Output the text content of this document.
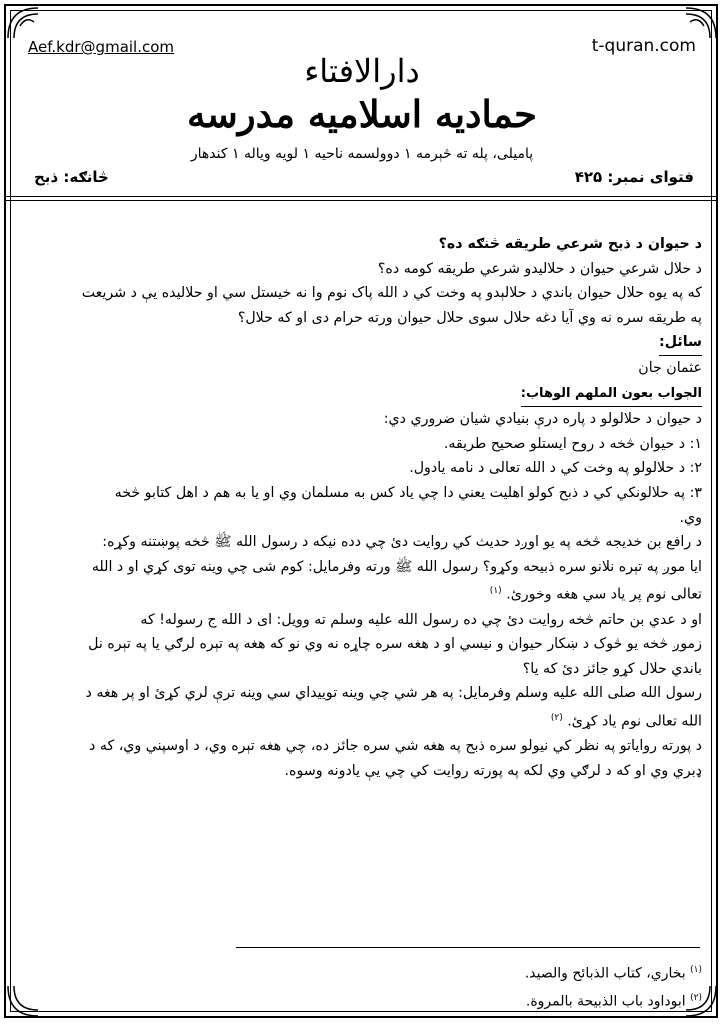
Aef.kdr@gmail.com	t-quran.com
دارالافتاء
حمادیه اسلامیه مدرسه
پامیلی، پله ته څېرمه ۱ دوولسمه ناحیه ۱ لویه ویاله ۱ کندهار
فتوای نمبر: ۴۲۵
څانګه: ذبح

د حیوان د ذبح شرعي طریقه څنګه ده؟

د حلال شرعي حیوان د حلالیدو شرعي طریقه کومه ده؟

که په یوه حلال حیوان باندي د حلالېدو په وخت کي د الله پاک نوم وا نه خیستل سي او حلالیده یې د شریعت

په طریقه سره نه وي آیا دغه حلال سوی حلال حیوان ورته حرام دی او که حلال؟

سائل:

عثمان جان

الجواب بعون الملهم الوهاب:

د حیوان د حلالولو د پاره درې بنیادي شیان ضروري دي:

۱: د حیوان څخه د روح ایستلو صحیح طریقه.

۲: د حلالولو په وخت کي د الله تعالی د نامه یادول.

۳: په حلالونکي کي د ذبح کولو اهلیت یعني دا چي یاد کس به مسلمان وي او یا به هم د اهل کتابو څخه

وي.

د رافع بن خدیجه څخه په یو اوږد حدیث کي روایت دئ چي دده نیکه د رسول الله ﷺ څخه پوښتنه وکړه:

ایا موږ په تېره نلانو سره ذبیحه وکړو؟ رسول الله ﷺ ورته وفرمایل: کوم شی چي وینه توی کړي او د الله

تعالی نوم پر یاد سي هغه وخورئ. $^{(۱)}$

او د عدي بن حاتم څخه روایت دئ چي ده رسول الله علیه وسلم ته وویل: ای د الله ج رسوله! که

زموږ څخه یو څوک د ښکار حیوان و نیسي او د هغه سره چاړه نه وي نو که هغه په تېره لرګي یا په تېره نل

باندي حلال کړو جائز دئ که یا؟

رسول الله صلی الله علیه وسلم وفرمایل: په هر شي چي وینه توییداي سي وینه ترې لري کړئ او پر هغه د

الله تعالی نوم یاد کړئ. $^{(۲)}$

د پورته روایاتو په نظر کي نیولو سره ذبح په هغه شي سره جائز ده، چي هغه تېره وي، د اوسپني وي، که د

ډبري وي او که د لرګي وي لکه په پورته روایت کي چي یې یادونه وسوه.

$^{(۱)}$ بخاري، کتاب الذبائح والصید.

$^{(۲)}$ ابوداود باب الذبیحة بالمروة.
